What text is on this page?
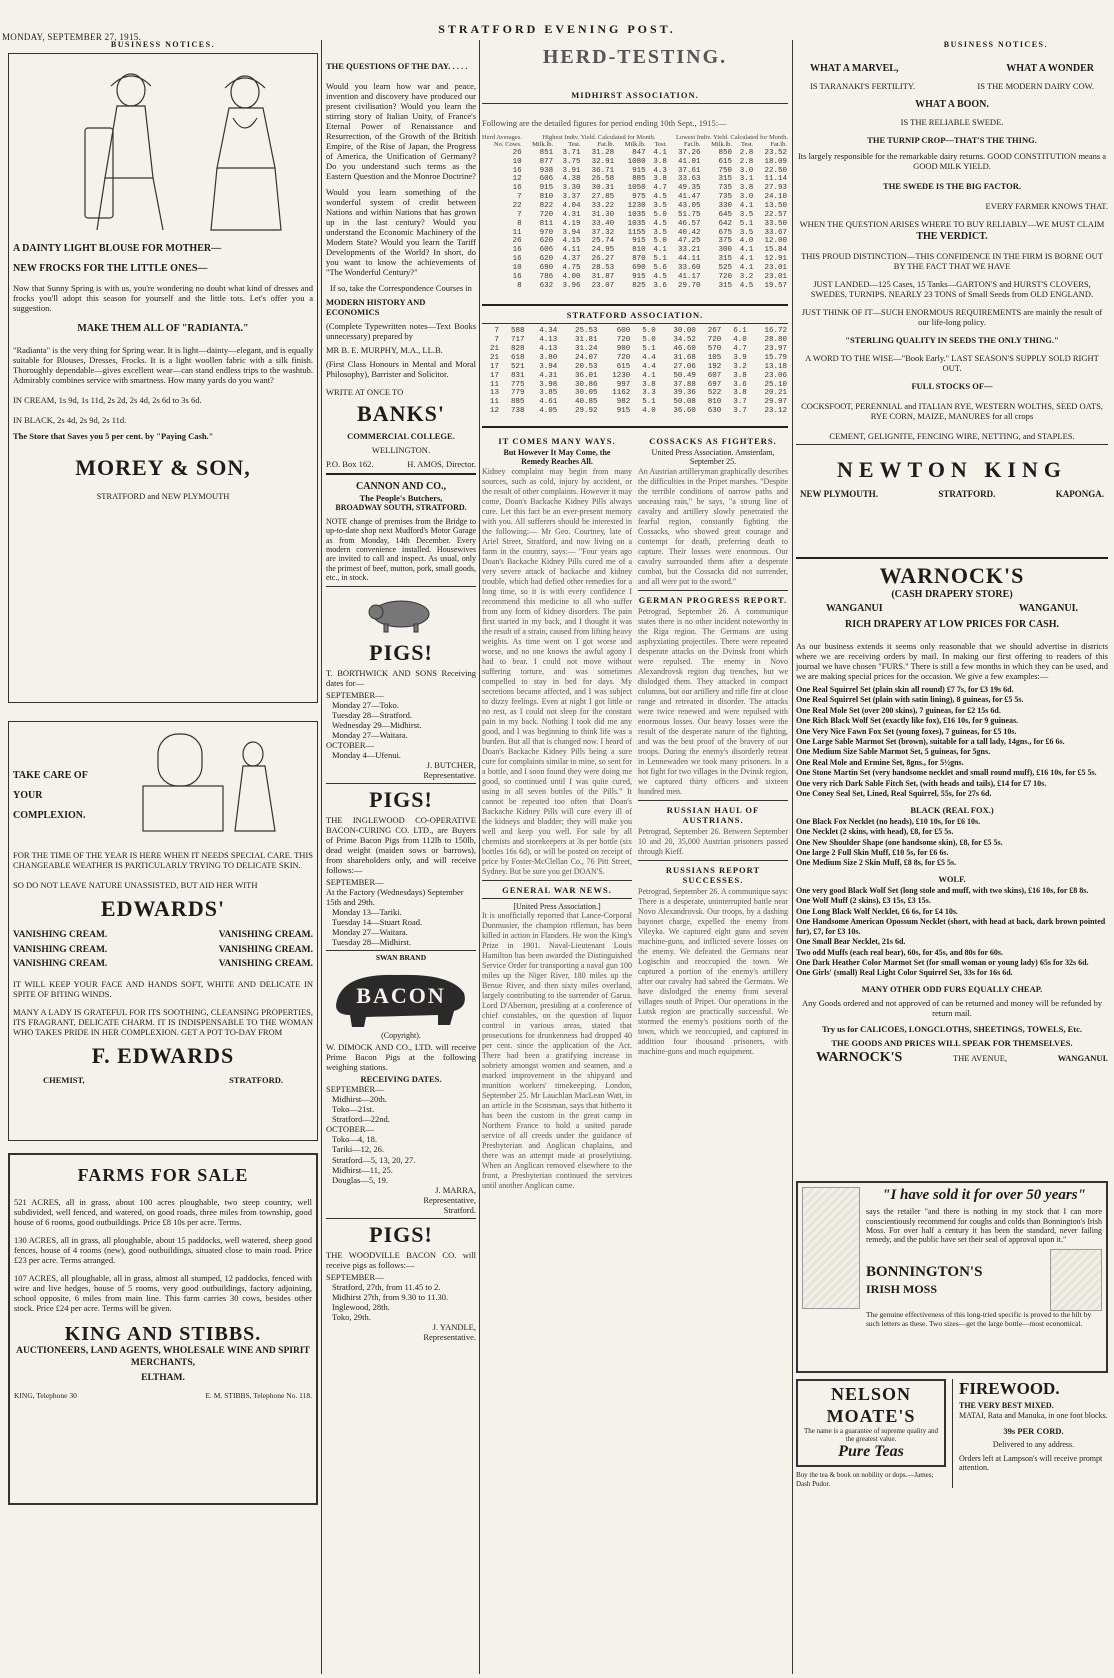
MONDAY, SEPTEMBER 27, 1915.
STRATFORD EVENING POST.
BUSINESS NOTICES.
A DAINTY LIGHT BLOUSE FOR MOTHER—
NEW FROCKS FOR THE LITTLE ONES—
Now that Sunny Spring is with us, you're wondering no doubt what kind of dresses and frocks you'll adopt this season for yourself and the little tots. Let's offer you a suggestion.
MAKE THEM ALL OF "RADIANTA."
"Radianta" is the very thing for Spring wear. It is light—dainty—elegant, and is equally suitable for Blouses, Dresses, Frocks. It is a light woollen fabric with a silk finish. Thoroughly dependable—gives excellent wear—can stand endless trips to the washtub. Admirably combines service with smartness. How many yards do you want?
IN CREAM, 1s 9d, 1s 11d, 2s 2d, 2s 4d, 2s 6d to 3s 6d.
IN BLACK, 2s 4d, 2s 9d, 2s 11d.
The Store that Saves you 5 per cent. by "Paying Cash."
MOREY & SON,
STRATFORD and NEW PLYMOUTH
TAKE CARE OF YOUR COMPLEXION.
FOR THE TIME OF THE YEAR IS HERE WHEN IT NEEDS SPECIAL CARE. THIS CHANGEABLE WEATHER IS PARTICULARLY TRYING TO DELICATE SKIN.
SO DO NOT LEAVE NATURE UNASSISTED, BUT AID HER WITH
EDWARDS'
VANISHING CREAM.
VANISHING CREAM.
VANISHING CREAM.
VANISHING CREAM.
VANISHING CREAM.
VANISHING CREAM.
IT WILL KEEP YOUR FACE AND HANDS SOFT, WHITE AND DELICATE IN SPITE OF BITING WINDS.
MANY A LADY IS GRATEFUL FOR ITS SOOTHING, CLEANSING PROPERTIES, ITS FRAGRANT, DELICATE CHARM. IT IS INDISPENSABLE TO THE WOMAN WHO TAKES PRIDE IN HER COMPLEXION. GET A POT TO-DAY FROM
F. EDWARDS
CHEMIST,	STRATFORD.
FARMS FOR SALE
521 ACRES, all in grass, about 100 acres ploughable, two steep country, well subdivided, well fenced, and watered, on good roads, three miles from township, good house of 6 rooms, good outbuildings. Price £8 10s per acre. Terms.
130 ACRES, all in grass, all ploughable, about 15 paddocks, well watered, sheep good fences, house of 4 rooms (new), good outbuildings, situated close to main road. Price £23 per acre. Terms arranged.
107 ACRES, all ploughable, all in grass, almost all stumped, 12 paddocks, fenced with wire and live hedges, house of 5 rooms, very good outbuildings, factory adjoining, school opposite, 6 miles from main line. This farm carries 30 cows, besides other stock. Price £24 per acre. Terms will be given.
KING AND STIBBS.
AUCTIONEERS, LAND AGENTS, WHOLESALE WINE AND SPIRIT MERCHANTS,
ELTHAM.
KING, Telephone 30	E. M. STIBBS, Telephone No. 118.
THE QUESTIONS OF THE DAY. . . . .
Would you learn how war and peace, invention and discovery have produced our present civilisation? Would you learn the stirring story of Italian Unity, of France's Eternal Power of Renaissance and Resurrection, of the Growth of the British Empire, of the Rise of Japan, the Progress of America, the Unification of Germany? Do you understand such terms as the Eastern Question and the Monroe Doctrine?
Would you learn something of the wonderful system of credit between Nations and within Nations that has grown up in the last century? Would you understand the Economic Machinery of the Modern State? Would you learn the Tariff Developments of the World? In short, do you want to know the achievements of "The Wonderful Century?"
If so, take the Correspondence Courses in
MODERN HISTORY AND ECONOMICS
(Complete Typewritten notes—Text Books unnecessary) prepared by
MR B. E. MURPHY, M.A., LL.B.
(First Class Honours in Mental and Moral Philosophy), Barrister and Solicitor.
WRITE AT ONCE TO
BANKS'
COMMERCIAL COLLEGE.
WELLINGTON.
P.O. Box 162.	H. AMOS, Director.
CANNON AND CO.,
The People's Butchers,
BROADWAY SOUTH, STRATFORD.
NOTE change of premises from the Bridge to up-to-date shop next Mudford's Motor Garage as from Monday, 14th December. Every modern convenience installed. Housewives are invited to call and inspect. As usual, only the primest of beef, mutton, pork, small goods, etc., in stock.
PIGS!
T. BORTHWICK AND SONS Receiving dates for—
SEPTEMBER—
Monday 27—Toko.
Tuesday 28—Stratford.
Wednesday 29—Midhirst.
Monday 27—Waitara.
OCTOBER—
Monday 4—Ufenui.
J. BUTCHER,
Representative.
PIGS!
THE INGLEWOOD CO-OPERATIVE BACON-CURING CO. LTD., are Buyers of Prime Bacon Pigs from 112lb to 150lb, dead weight (maiden sows or barrows), from shareholders only, and will receive follows:—
SEPTEMBER—
At the Factory (Wednesdays) September 15th and 29th.
Monday 13—Tariki.
Tuesday 14—Stuart Road.
Monday 27—Waitara.
Tuesday 28—Midhirst.
SWAN BRAND
BACON
(Copyright).
W. DIMOCK AND CO., LTD. will receive Prime Bacon Pigs at the following weighing stations.
RECEIVING DATES.
SEPTEMBER—
Midhirst—20th.
Toko—21st.
Stratford—22nd.
OCTOBER—
Toko—4, 18.
Tariki—12, 26.
Stratford—5, 13, 20, 27.
Midhirst—11, 25.
Douglas—5, 19.
J. MARRA,
Representative,
Stratford.
PIGS!
THE WOODVILLE BACON CO. will receive pigs as follows:—
SEPTEMBER—
Stratford, 27th, from 11.45 to 2.
Midhirst 27th, from 9.30 to 11.30.
Inglewood, 28th.
Toko, 29th.
J. YANDLE,
Representative.
HERD-TESTING.
MIDHIRST ASSOCIATION.
Following are the detailed figures for period ending 10th Sept., 1915:—
Herd Averages.	Highest Indiv. Yield. Calculated for Month.	Lowest Indiv. Yield. Calculated for Month.
No. Cows.	Milk.lb.	Test.	Fat.lb.	Milk.lb.	Test.	Fat.lb.	Milk.lb.	Test.	Fat.lb.
26	851	3.71	31.28	847	4.1	37.26	850	2.8	23.52
10	877	3.75	32.91	1080	3.8	41.01	615	2.8	18.09
16	938	3.91	36.71	915	4.3	37.61	750	3.0	22.50
12	606	4.38	26.58	885	3.8	33.63	315	3.1	11.14
16	915	3.30	30.31	1050	4.7	49.35	735	3.8	27.93
7	810	3.37	27.85	975	4.5	41.47	735	3.0	24.10
22	822	4.04	33.22	1230	3.5	43.05	330	4.1	13.50
7	720	4.31	31.30	1035	5.0	51.75	645	3.5	22.57
8	811	4.19	33.40	1035	4.5	46.57	642	5.1	33.50
11	970	3.94	37.32	1155	3.5	40.42	675	3.5	33.67
26	620	4.15	25.74	915	5.0	47.25	375	4.0	12.00
16	606	4.11	24.95	810	4.1	33.21	300	4.1	15.84
16	620	4.37	26.27	870	5.1	44.11	315	4.1	12.91
10	690	4.75	28.53	690	5.6	33.60	525	4.1	23.01
16	786	4.00	31.87	915	4.5	41.17	720	3.2	23.01
8	632	3.96	23.07	825	3.6	29.70	315	4.5	19.57
STRATFORD ASSOCIATION.
7	588	4.34	25.53	600	5.0	30.00	267	6.1	16.72
7	717	4.13	31.81	720	5.0	34.52	720	4.0	28.80
21	828	4.13	31.24	900	5.1	46.60	570	4.7	23.97
21	618	3.80	24.07	720	4.4	31.68	105	3.9	15.79
17	521	3.94	20.53	615	4.4	27.06	192	3.2	13.18
17	831	4.31	36.01	1230	4.1	50.49	607	3.8	23.06
11	775	3.98	30.86	997	3.8	37.88	697	3.6	25.10
13	779	3.85	30.05	1162	3.3	39.36	522	3.8	20.21
11	885	4.61	40.85	982	5.1	50.08	810	3.7	29.97
12	738	4.05	29.92	915	4.0	36.60	630	3.7	23.12
IT COMES MANY WAYS.
But However It May Come, the
Remedy Reaches All.
Kidney complaint may begin from many sources, such as cold, injury by accident, or the result of other complaints. However it may come, Doan's Backache Kidney Pills always cure. Let this fact be an ever-present memory with you. All sufferers should be interested in the following:— Mr Geo. Courtney, late of Ariel Street, Stratford, and now living on a farm in the country, says:— "Four years ago Doan's Backache Kidney Pills cured me of a very severe attack of backache and kidney trouble, which had defied other remedies for a long time, so it is with every confidence I recommend this medicine to all who suffer from any form of kidney disorders. The pain first started in my back, and I thought it was the result of a strain, caused from lifting heavy weights. As time went on I got worse and worse, and no one knows the awful agony I had to bear. I could not move without suffering torture, and was sometimes compelled to stay in bed for days. My secretions became affected, and I was subject to dizzy feelings. Even at night I got little or no rest, as I could not sleep for the constant pain in my back. Nothing I took did me any good, and I was beginning to think life was a burden. But all that is changed now. I heard of Doan's Backache Kidney Pills being a sure cure for complaints similar to mine, so sent for a bottle, and I soon found they were doing me good, so continued until I was quite cured, using in all seven bottles of the Pills." It cannot be repeated too often that Doan's Backache Kidney Pills will cure every ill of the kidneys and bladder; they will make you well and keep you well. For sale by all chemists and storekeepers at 3s per bottle (six bottles 16s 6d), or will be posted on receipt of price by Foster-McClellan Co., 76 Pitt Street, Sydney. But be sure you get DOAN'S.
GENERAL WAR NEWS.
[United Press Association.]
It is unofficially reported that Lance-Corporal Dunmusier, the champion rifleman, has been killed in action in Flanders. He won the King's Prize in 1901. Naval-Lieutenant Louis Hamilton has been awarded the Distinguished Service Order for transporting a naval gun 100 miles up the Niger River, 180 miles up the Benue River, and then sixty miles overland, largely contributing to the surrender of Garua. Lord D'Abernon, presiding at a conference of chief constables, on the question of liquor control in various areas, stated that prosecutions for drunkenness had dropped 40 per cent. since the application of the Act. There had been a gratifying increase in sobriety amongst women and seamen, and a marked improvement in the shipyard and munition workers' timekeeping. London, September 25. Mr Lauchlan MacLean Watt, in an article in the Scotsman, says that hitherto it has been the custom in the great camp in Northern France to hold a united parade service of all creeds under the guidance of Presbyterian and Anglican chaplains, and there was an attempt made at proselytising. When an Anglican removed elsewhere to the front, a Presbyterian continued the services until another Anglican came.
COSSACKS AS FIGHTERS.
United Press Association. Amsterdam, September 25.
An Austrian artilleryman graphically describes the difficulties in the Pripet marshes. "Despite the terrible conditions of narrow paths and unceasing rain," he says, "a strong line of cavalry and artillery slowly penetrated the fearful region, constantly fighting the Cossacks, who showed great courage and contempt for death, preferring death to capture. Their losses were enormous. Our cavalry surrounded them after a desperate combat, but the Cossacks did not surrender, and all were put to the sword."
GERMAN PROGRESS REPORT.
Petrograd, September 26. A communique states there is no other incident noteworthy in the Riga region. The Germans are using asphyxiating projectiles. There were repeated desperate attacks on the Dvinsk front which were repulsed. The enemy in Novo Alexandrovsk region dug trenches, but we dislodged them. They attacked in compact columns, but our artillery and rifle fire at close range and retreated in disorder. The attacks were twice renewed and were repulsed with enormous losses. Our heavy losses were the result of the desperate nature of the fighting, and was the best proof of the bravery of our troops. During the enemy's disorderly retreat in Lennewaden we took many prisoners. In a hot fight for two villages in the Dvinsk region, we captured thirty officers and sixteen hundred men.
RUSSIAN HAUL OF AUSTRIANS.
Petrograd, September 26. Between September 10 and 20, 35,000 Austrian prisoners passed through Kieff.
RUSSIANS REPORT SUCCESSES.
Petrograd, September 26. A communique says: There is a desperate, uninterrupted battle near Novo Alexandrovsk. Our troops, by a dashing bayonet charge, expelled the enemy from Vileyka. We captured eight guns and seven machine-guns, and inflicted severe losses on the enemy. We defeated the Germans near Logischin and reoccupied the town. We captured a portion of the enemy's artillery after our cavalry had sabred the Germans. We have dislodged the enemy from several villages south of Pripet. Our operations in the Lutsk region are practically successful. We stormed the enemy's positions north of the town, which we reoccupied, and captured in addition four thousand prisoners, with machine-guns and much equipment.
BUSINESS NOTICES.
WHAT A MARVEL,	WHAT A WONDER
IS TARANAKI'S FERTILITY.	IS THE MODERN DAIRY COW.
WHAT A BOON.
IS THE RELIABLE SWEDE.
THE TURNIP CROP—THAT'S THE THING.
Its largely responsible for the remarkable dairy returns. GOOD CONSTITUTION means a GOOD MILK YIELD.
THE SWEDE IS THE BIG FACTOR.
EVERY FARMER KNOWS THAT.
WHEN THE QUESTION ARISES WHERE TO BUY RELIABLY—WE MUST CLAIM
THE VERDICT.
THIS PROUD DISTINCTION—THIS CONFIDENCE IN THE FIRM IS BORNE OUT BY THE FACT THAT WE HAVE
JUST LANDED—125 Cases, 15 Tanks—GARTON'S and HURST'S CLOVERS, SWEDES, TURNIPS. NEARLY 23 TONS of Small Seeds from OLD ENGLAND.
JUST THINK OF IT—SUCH ENORMOUS REQUIREMENTS are mainly the result of our life-long policy.
"STERLING QUALITY IN SEEDS THE ONLY THING."
A WORD TO THE WISE—"Book Early." LAST SEASON'S SUPPLY SOLD RIGHT OUT.
FULL STOCKS OF—
COCKSFOOT, PERENNIAL and ITALIAN RYE, WESTERN WOLTHS, SEED OATS, RYE CORN, MAIZE, MANURES for all crops
CEMENT, GELIGNITE, FENCING WIRE, NETTING, and STAPLES.
NEWTON KING
NEW PLYMOUTH.	STRATFORD.	KAPONGA.
WARNOCK'S
(CASH DRAPERY STORE)
WANGANUI	WANGANUI.
RICH DRAPERY AT LOW PRICES FOR CASH.
As our business extends it seems only reasonable that we should advertise in districts where we are receiving orders by mail. In making our first offering to readers of this journal we have chosen "FURS." There is still a few months in which they can be used, and we are making special prices for the occasion. We give a few examples:—
One Real Squirrel Set (plain skin all round) £7 7s, for £3 19s 6d.
One Real Squirrel Set (plain with satin lining), 8 guineas, for £5 5s.
One Real Mole Set (over 200 skins), 7 guineas, for £2 15s 6d.
One Rich Black Wolf Set (exactly like fox), £16 10s, for 9 guineas.
One Very Nice Fawn Fox Set (young foxes), 7 guineas, for £5 10s.
One Large Sable Marmot Set (brown), suitable for a tall lady, 14gns., for £6 6s.
One Medium Size Sable Marmot Set, 5 guineas, for 5gns.
One Real Mole and Ermine Set, 8gns., for 5½gns.
One Stone Martin Set (very handsome necklet and small round muff), £16 10s, for £5 5s.
One very rich Dark Sable Fitch Set, (with heads and tails), £14 for £7 10s.
One Coney Seal Set, Lined, Real Squirrel, 55s, for 27s 6d.
BLACK (REAL FOX.)
One Black Fox Necklet (no heads), £10 10s, for £6 10s.
One Necklet (2 skins, with head), £8, for £5 5s.
One New Shoulder Shape (one handsome skin), £8, for £5 5s.
One large 2 Full Skin Muff, £10 5s, for £6 6s.
One Medium Size 2 Skin Muff, £8 8s, for £5 5s.
WOLF.
One very good Black Wolf Set (long stole and muff, with two skins), £16 10s, for £8 8s.
One Wolf Muff (2 skins), £3 15s, £3 15s.
One Long Black Wolf Necklet, £6 6s, for £4 10s.
One Handsome American Opossum Necklet (short, with head at back, dark brown pointed fur), £7, for £3 10s.
One Small Bear Necklet, 21s 6d.
Two odd Muffs (each real bear), 60s, for 45s, and 80s for 60s.
One Dark Heather Color Marmot Set (for small woman or young lady) 65s for 32s 6d.
One Girls' (small) Real Light Color Squirrel Set, 33s for 16s 6d.
MANY OTHER ODD FURS EQUALLY CHEAP.
Any Goods ordered and not approved of can be returned and money will be refunded by return mail.
Try us for CALICOES, LONGCLOTHS, SHEETINGS, TOWELS, Etc.
THE GOODS AND PRICES WILL SPEAK FOR THEMSELVES.
WARNOCK'S	THE AVENUE,	WANGANUI.
"I have sold it for over 50 years"
says the retailer "and there is nothing in my stock that I can more conscientiously recommend for coughs and colds than Bonnington's Irish Moss. For over half a century it has been the standard, never failing remedy, and the public have set their seal of approval upon it."
BONNINGTON'S
IRISH MOSS
The genuine effectiveness of this long-tried specific is proved to the hilt by such letters as these. Two sizes—get the large bottle—most economical.
NELSON
MOATE'S
The name is a guarantee of supreme quality and the greatest value.
Pure Teas
Buy the tea & book on nobility or dops.—James; Dash Pudor.
FIREWOOD.
THE VERY BEST MIXED.
MATAI, Rata and Manuka, in one foot blocks.
39s PER CORD.
Delivered to any address.
Orders left at Lampson's will receive prompt attention.
